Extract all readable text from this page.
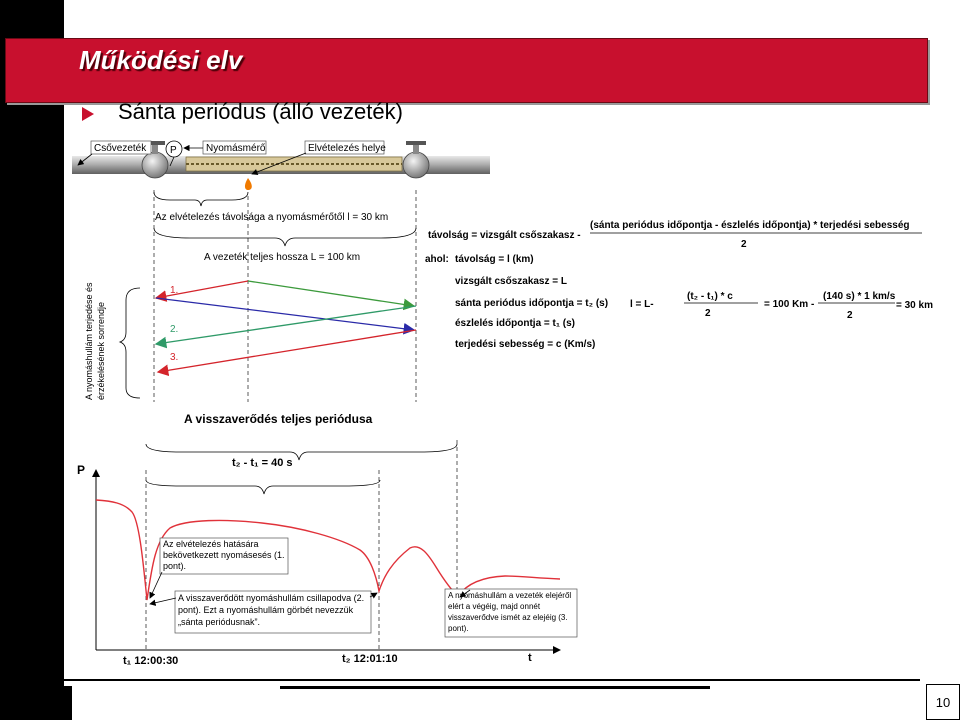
Működési elv
Sánta periódus (álló vezeték)
Csővezeték P	Nyomásmérő	Elvételezés helye
Az elvételezés távolsága a nyomásmérőtől l = 30 km
A vezeték teljes hossza L = 100 km
A nyomáshullám terjedése és érzékelésének sorrendje
1.
2.
3.
távolság = vizsgált csőszakasz -
(sánta periódus időpontja - észlelés időpontja) * terjedési sebesség
2
ahol: távolság = l (km)
vizsgált csőszakasz = L
sánta periódus időpontja = t₂ (s)
észlelés időpontja = t₁ (s)
terjedési sebesség = c (Km/s)
l = L-
(t₂ - t₁) * c
2
= 100 Km -
(140 s) * 1 km/s
2
= 30 km
A visszaverődés teljes periódusa
t₂ - t₁ = 40 s
P
t
Az elvételezés hatására bekövetkezett nyomásesés (1. pont).
A visszaverődött nyomáshullám csillapodva (2. pont). Ezt a nyomáshullám görbét nevezzük „sánta periódusnak”.
A nyomáshullám a vezeték elejéről elért a végéig, majd onnét visszaverődve ismét az elejéig (3. pont).
t₁ 12:00:30	t₂ 12:01:10
10
